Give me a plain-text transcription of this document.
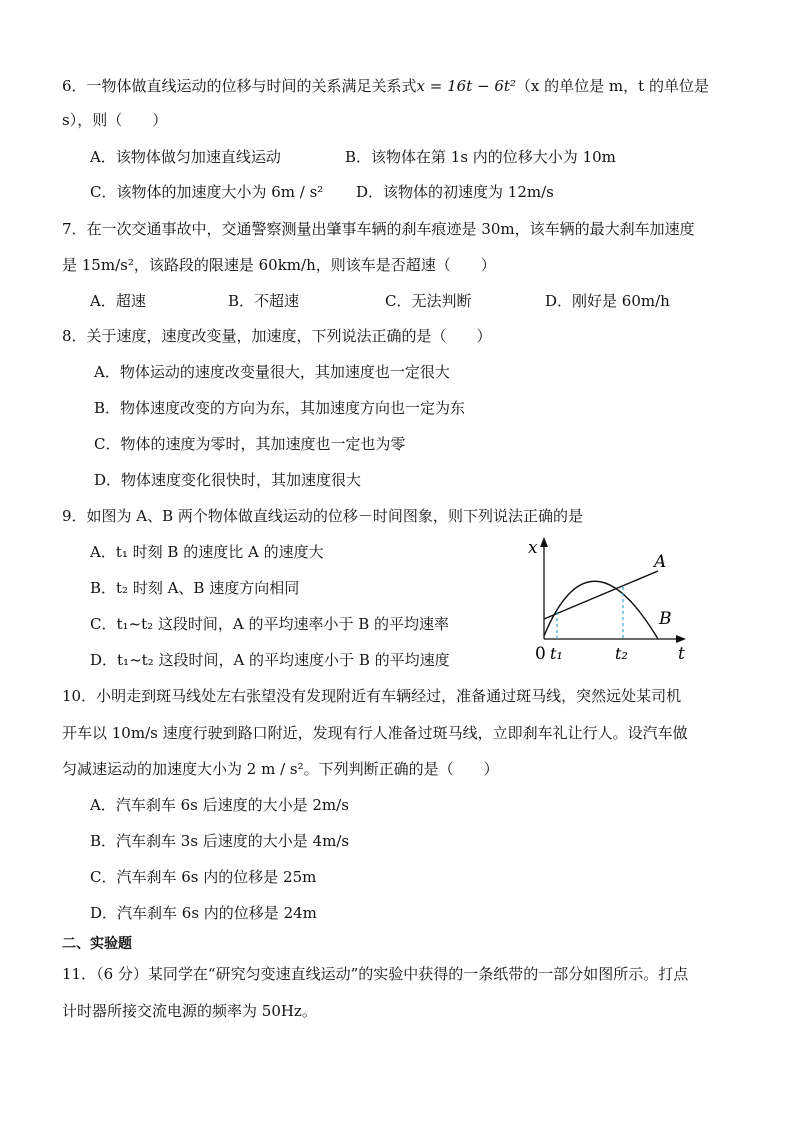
6．一物体做直线运动的位移与时间的关系满足关系式x = 16t − 6t²（x 的单位是 m，t 的单位是
s），则（　　）
A．该物体做匀加速直线运动	B．该物体在第 1s 内的位移大小为 10m
C．该物体的加速度大小为 6m / s² D．该物体的初速度为 12m/s
7．在一次交通事故中，交通警察测量出肇事车辆的刹车痕迹是 30m，该车辆的最大刹车加速度
是 15m/s²，该路段的限速是 60km/h，则该车是否超速（　　）
A．超速	B．不超速	C．无法判断	D．刚好是 60m/h
8．关于速度，速度改变量，加速度，下列说法正确的是（　　）
A．物体运动的速度改变量很大，其加速度也一定很大
B．物体速度改变的方向为东，其加速度方向也一定为东
C．物体的速度为零时，其加速度也一定也为零
D．物体速度变化很快时，其加速度很大
9．如图为 A、B 两个物体做直线运动的位移－时间图象，则下列说法正确的是
A．t₁ 时刻 B 的速度比 A 的速度大
B．t₂ 时刻 A、B 速度方向相同
C．t₁~t₂ 这段时间，A 的平均速率小于 B 的平均速率
D．t₁~t₂ 这段时间，A 的平均速度小于 B 的平均速度
x
t
0 t₁	t₂
A
B
10．小明走到斑马线处左右张望没有发现附近有车辆经过，准备通过斑马线，突然远处某司机
开车以 10m/s 速度行驶到路口附近，发现有行人准备过斑马线，立即刹车礼让行人。设汽车做
匀减速运动的加速度大小为 2 m / s²。下列判断正确的是（　　）
A．汽车刹车 6s 后速度的大小是 2m/s
B．汽车刹车 3s 后速度的大小是 4m/s
C．汽车刹车 6s 内的位移是 25m
D．汽车刹车 6s 内的位移是 24m
二、实验题
11．（6 分）某同学在“研究匀变速直线运动”的实验中获得的一条纸带的一部分如图所示。打点
计时器所接交流电源的频率为 50Hz。
